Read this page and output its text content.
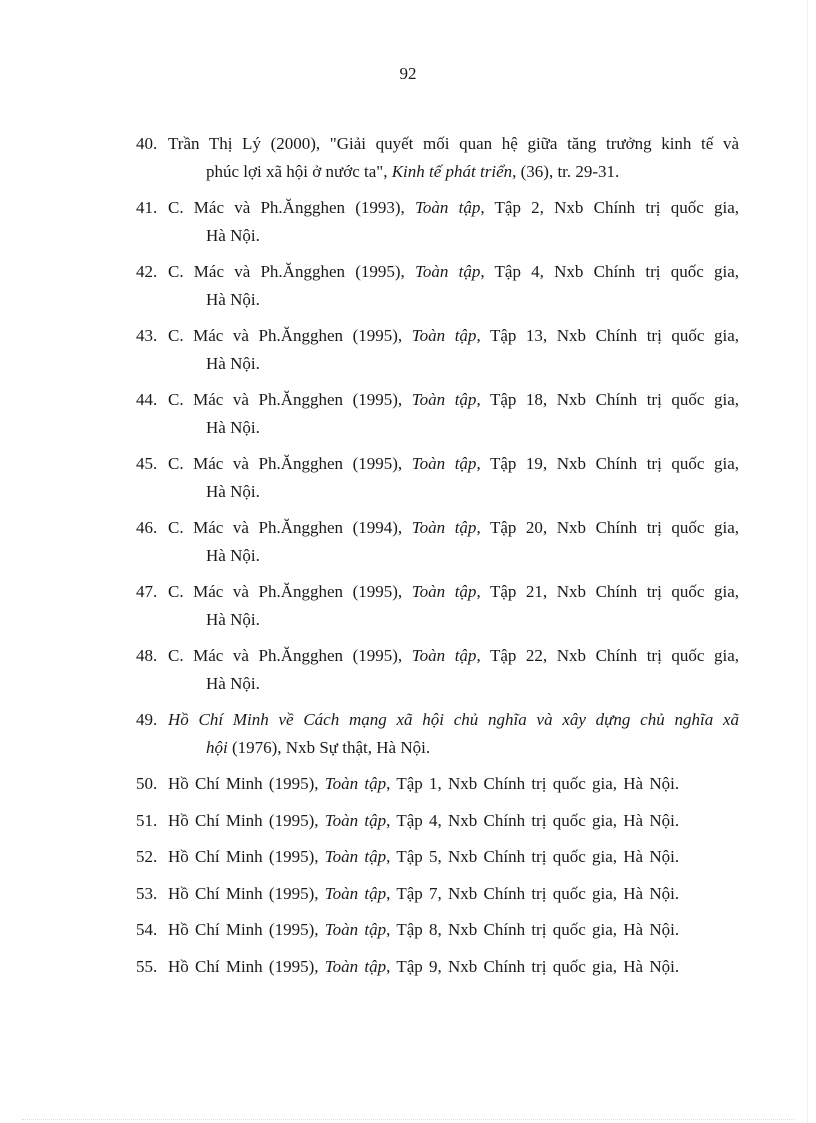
92
40. Trần Thị Lý (2000), "Giải quyết mối quan hệ giữa tăng trưởng kinh tế và
phúc lợi xã hội ở nước ta", Kinh tế phát triển, (36), tr. 29-31.
41. C. Mác và Ph.Ăngghen (1993), Toàn tập, Tập 2, Nxb Chính trị quốc gia,
Hà Nội.
42. C. Mác và Ph.Ăngghen (1995), Toàn tập, Tập 4, Nxb Chính trị quốc gia,
Hà Nội.
43. C. Mác và Ph.Ăngghen (1995), Toàn tập, Tập 13, Nxb Chính trị quốc gia,
Hà Nội.
44. C. Mác và Ph.Ăngghen (1995), Toàn tập, Tập 18, Nxb Chính trị quốc gia,
Hà Nội.
45. C. Mác và Ph.Ăngghen (1995), Toàn tập, Tập 19, Nxb Chính trị quốc gia,
Hà Nội.
46. C. Mác và Ph.Ăngghen (1994), Toàn tập, Tập 20, Nxb Chính trị quốc gia,
Hà Nội.
47. C. Mác và Ph.Ăngghen (1995), Toàn tập, Tập 21, Nxb Chính trị quốc gia,
Hà Nội.
48. C. Mác và Ph.Ăngghen (1995), Toàn tập, Tập 22, Nxb Chính trị quốc gia,
Hà Nội.
49. Hồ Chí Minh về Cách mạng xã hội chủ nghĩa và xây dựng chủ nghĩa xã
hội (1976), Nxb Sự thật, Hà Nội.
50. Hồ Chí Minh (1995), Toàn tập, Tập 1, Nxb Chính trị quốc gia, Hà Nội.
51. Hồ Chí Minh (1995), Toàn tập, Tập 4, Nxb Chính trị quốc gia, Hà Nội.
52. Hồ Chí Minh (1995), Toàn tập, Tập 5, Nxb Chính trị quốc gia, Hà Nội.
53. Hồ Chí Minh (1995), Toàn tập, Tập 7, Nxb Chính trị quốc gia, Hà Nội.
54. Hồ Chí Minh (1995), Toàn tập, Tập 8, Nxb Chính trị quốc gia, Hà Nội.
55. Hồ Chí Minh (1995), Toàn tập, Tập 9, Nxb Chính trị quốc gia, Hà Nội.
